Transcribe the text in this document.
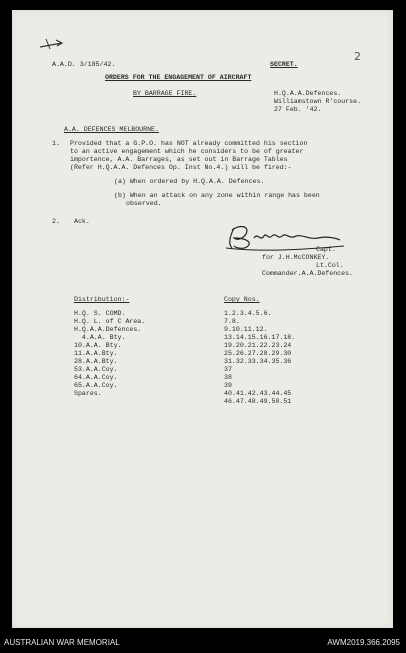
2
A.A.D. 3/185/42.	SECRET.
ORDERS FOR THE ENGAGEMENT OF AIRCRAFT
BY BARRAGE FIRE.	H.Q.A.A.Defences.
Williamstown R'course.
27 Feb. '42.
A.A. DEFENCES MELBOURNE.
1. Provided that a G.P.O. has NOT already committed his section
to an active engagement which he considers to be of greater
importence, A.A. Barrages, as set out in Barrage Tables
(Refer H.Q.A.A. Defences Op. Inst No.4.) will be fired:-
(a) When ordered by H.Q.A.A. Defences.
(b) When an attack on any zone within range has been
observed.
2. Ack.
Capt.
for J.H.McCONKEY.
Lt.Col.
Commander.A.A.Defences.
Distribution:-	Copy Nos.
H.Q. S. COMD.	1.2.3.4.5.6.
H.Q. L. of C Area.	7.8.
H.Q.A.A.Defences.	9.10.11.12.
4.A.A. Bty.	13.14.15.16.17.18.
10.A.A. Bty.	19.20.21.22.23.24
11.A.A.Bty.	25.26.27.28.29.30
28.A.A.Bty.	31.32.33.34.35.36
53.A.A.Coy.	37
64.A.A.Coy.	38
65.A.A.Coy.	39
Spares.	40.41.42.43.44.45
46.47.48.49.50.51
AUSTRALIAN WAR MEMORIAL	AWM2019.366.2095
